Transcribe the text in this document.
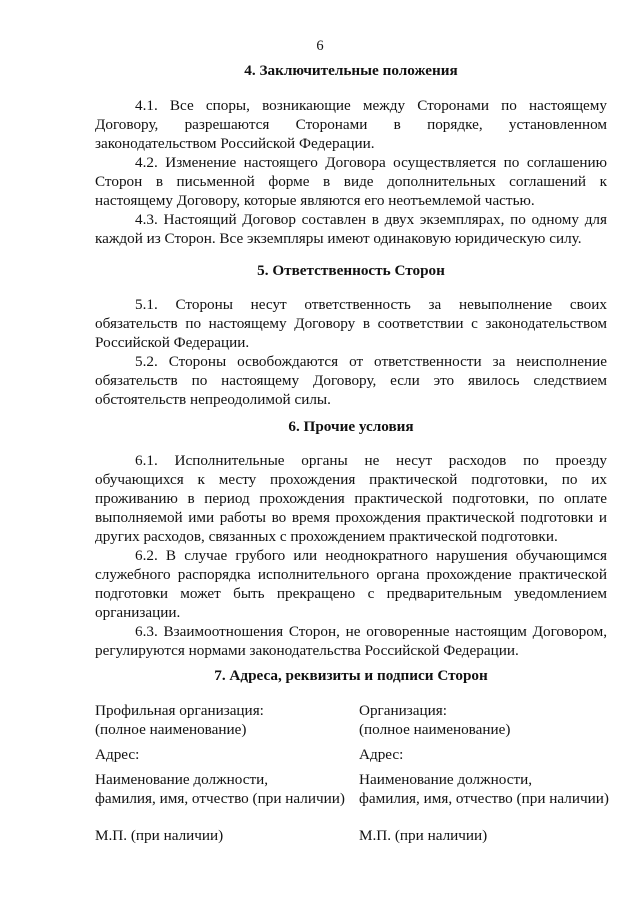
6
4. Заключительные положения

4.1. Все споры, возникающие между Сторонами по настоящему Договору, разрешаются Сторонами в порядке, установленном законодательством Российской Федерации.

4.2. Изменение настоящего Договора осуществляется по соглашению Сторон в письменной форме в виде дополнительных соглашений к настоящему Договору, которые являются его неотъемлемой частью.

4.3. Настоящий Договор составлен в двух экземплярах, по одному для каждой из Сторон. Все экземпляры имеют одинаковую юридическую силу.

5. Ответственность Сторон

5.1. Стороны несут ответственность за невыполнение своих обязательств по настоящему Договору в соответствии с законодательством Российской Федерации.

5.2. Стороны освобождаются от ответственности за неисполнение обязательств по настоящему Договору, если это явилось следствием обстоятельств непреодолимой силы.

6. Прочие условия

6.1. Исполнительные органы не несут расходов по проезду обучающихся к месту прохождения практической подготовки, по их проживанию в период прохождения практической подготовки, по оплате выполняемой ими работы во время прохождения практической подготовки и других расходов, связанных с прохождением практической подготовки.

6.2. В случае грубого или неоднократного нарушения обучающимся служебного распорядка исполнительного органа прохождение практической подготовки может быть прекращено с предварительным уведомлением организации.

6.3. Взаимоотношения Сторон, не оговоренные настоящим Договором, регулируются нормами законодательства Российской Федерации.

7. Адреса, реквизиты и подписи Сторон
Профильная организация:
(полное наименование)
Адрес:
Наименование должности,
фамилия, имя, отчество (при наличии)
М.П. (при наличии)
Организация:
(полное наименование)
Адрес:
Наименование должности,
фамилия, имя, отчество (при наличии)
М.П. (при наличии)
